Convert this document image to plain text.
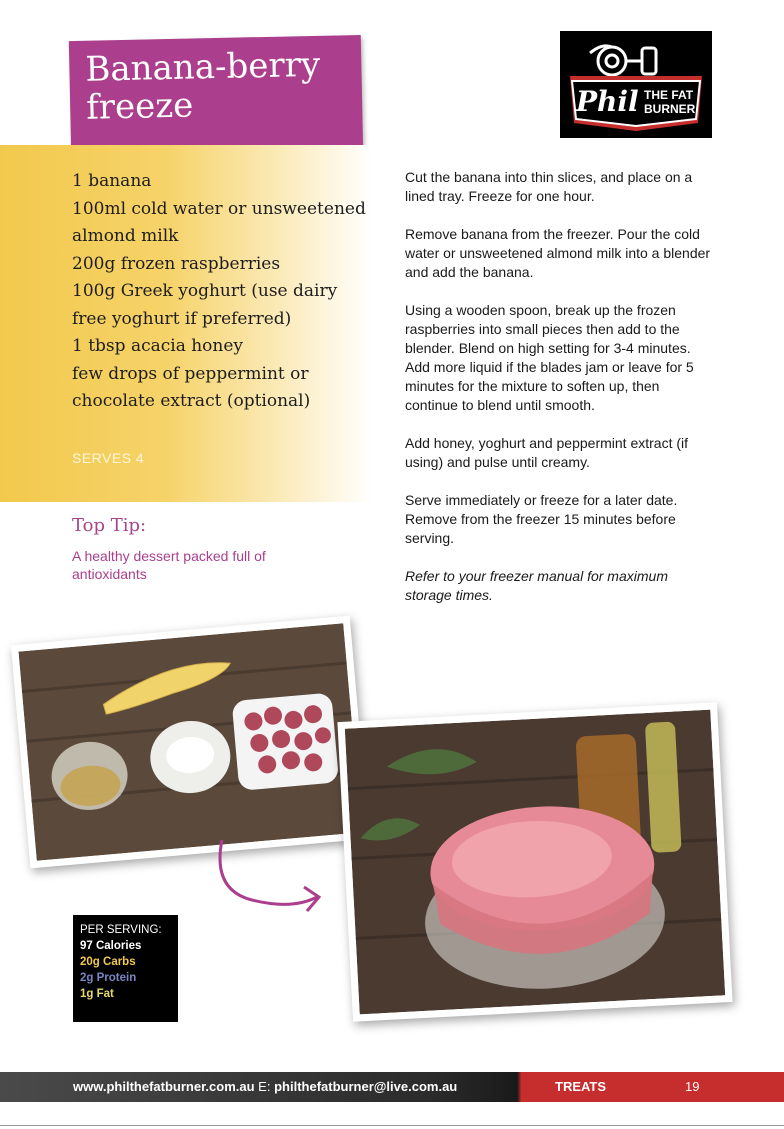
Banana-berry freeze	Phil THE FAT
BURNER
1 banana
100ml cold water or unsweetened almond milk
200g frozen raspberries
100g Greek yoghurt (use dairy free yoghurt if preferred)
1 tbsp acacia honey
few drops of peppermint or chocolate extract (optional)
SERVES 4
Top Tip:
A healthy dessert packed full of antioxidants

Cut the banana into thin slices, and place on a lined tray. Freeze for one hour.

Remove banana from the freezer. Pour the cold water or unsweetened almond milk into a blender and add the banana.

Using a wooden spoon, break up the frozen raspberries into small pieces then add to the blender. Blend on high setting for 3-4 minutes. Add more liquid if the blades jam or leave for 5 minutes for the mixture to soften up, then continue to blend until smooth.

Add honey, yoghurt and peppermint extract (if using) and pulse until creamy.

Serve immediately or freeze for a later date. Remove from the freezer 15 minutes before serving.

Refer to your freezer manual for maximum storage times.

PER SERVING:
97 Calories
20g Carbs
2g Protein
1g Fat
www.philthefatburner.com.au E: philthefatburner@live.com.au	TREATS	19
